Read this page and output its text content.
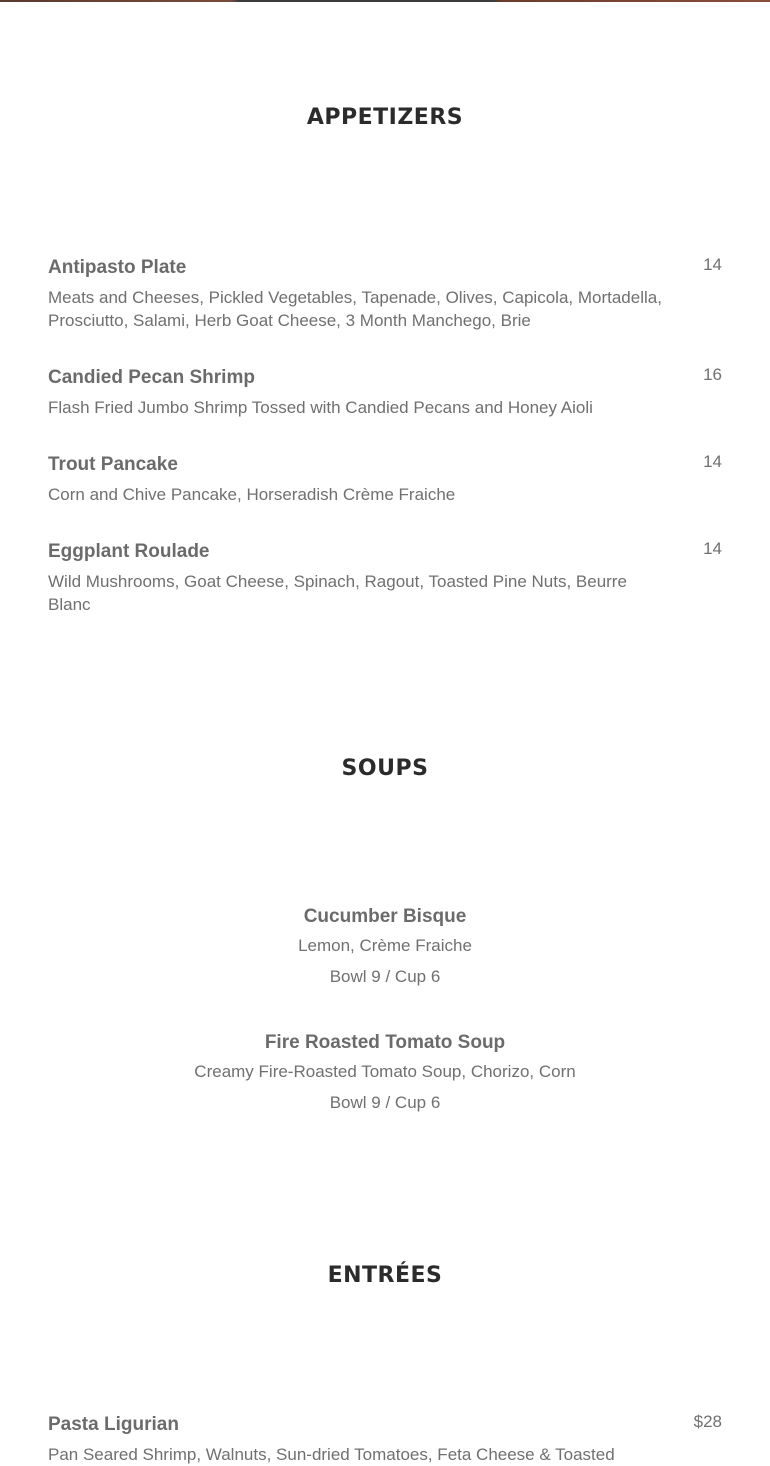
APPETIZERS
Antipasto Plate
Meats and Cheeses, Pickled Vegetables, Tapenade, Olives, Capicola, Mortadella, Prosciutto, Salami, Herb Goat Cheese, 3 Month Manchego, Brie
14
Candied Pecan Shrimp
Flash Fried Jumbo Shrimp Tossed with Candied Pecans and Honey Aioli
16
Trout Pancake
Corn and Chive Pancake, Horseradish Crème Fraiche
14
Eggplant Roulade
Wild Mushrooms, Goat Cheese, Spinach, Ragout, Toasted Pine Nuts, Beurre Blanc
14
SOUPS
Cucumber Bisque
Lemon, Crème Fraiche
Bowl 9 / Cup 6
Fire Roasted Tomato Soup
Creamy Fire-Roasted Tomato Soup, Chorizo, Corn
Bowl 9 / Cup 6
ENTRÉES
Pasta Ligurian
Pan Seared Shrimp, Walnuts, Sun-dried Tomatoes, Feta Cheese & Toasted
$28
